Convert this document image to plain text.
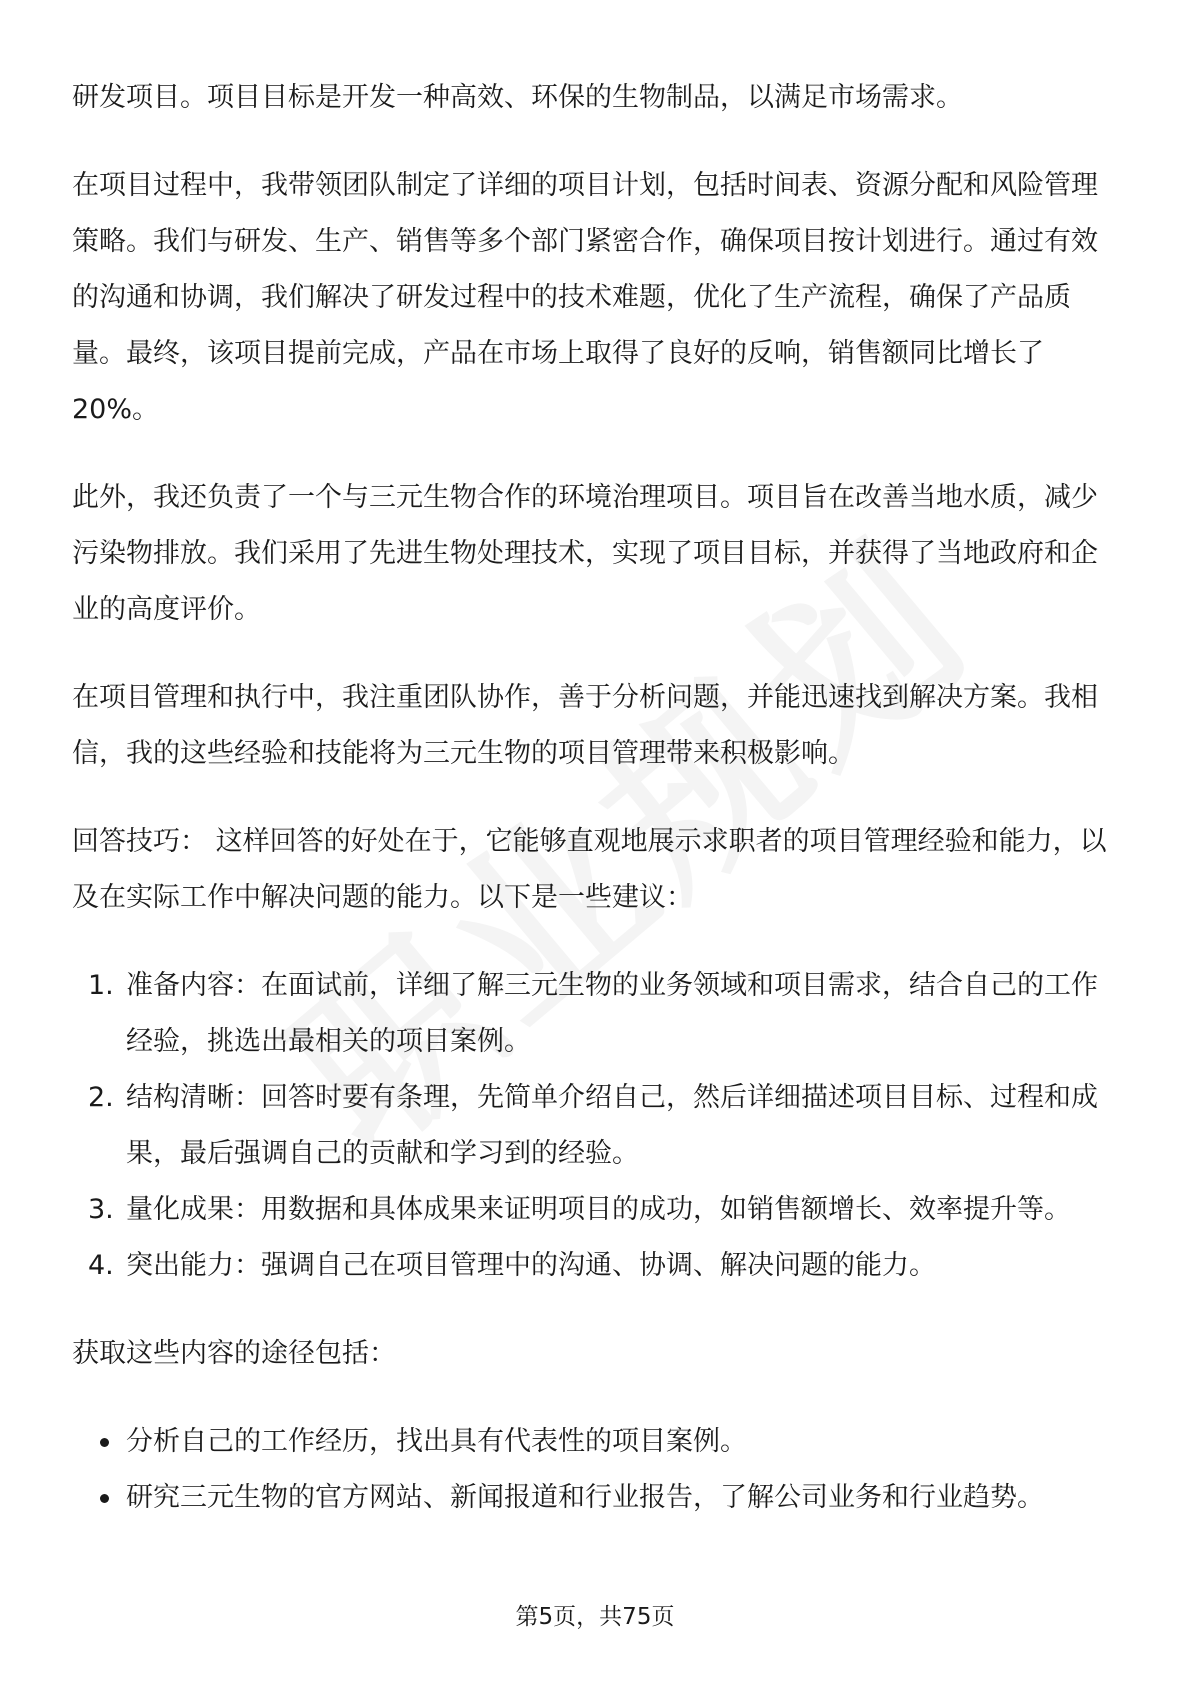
研发项目。项目目标是开发一种高效、环保的生物制品，以满足市场需求。

在项目过程中，我带领团队制定了详细的项目计划，包括时间表、资源分配和风险管理策略。我们与研发、生产、销售等多个部门紧密合作，确保项目按计划进行。通过有效的沟通和协调，我们解决了研发过程中的技术难题，优化了生产流程，确保了产品质量。最终，该项目提前完成，产品在市场上取得了良好的反响，销售额同比增长了20%。

此外，我还负责了一个与三元生物合作的环境治理项目。项目旨在改善当地水质，减少污染物排放。我们采用了先进生物处理技术，实现了项目目标，并获得了当地政府和企业的高度评价。

在项目管理和执行中，我注重团队协作，善于分析问题，并能迅速找到解决方案。我相信，我的这些经验和技能将为三元生物的项目管理带来积极影响。

回答技巧： 这样回答的好处在于，它能够直观地展示求职者的项目管理经验和能力，以及在实际工作中解决问题的能力。以下是一些建议：

1. 准备内容：在面试前，详细了解三元生物的业务领域和项目需求，结合自己的工作经验，挑选出最相关的项目案例。
2. 结构清晰：回答时要有条理，先简单介绍自己，然后详细描述项目目标、过程和成果，最后强调自己的贡献和学习到的经验。
3. 量化成果：用数据和具体成果来证明项目的成功，如销售额增长、效率提升等。
4. 突出能力：强调自己在项目管理中的沟通、协调、解决问题的能力。

获取这些内容的途径包括：

分析自己的工作经历，找出具有代表性的项目案例。
研究三元生物的官方网站、新闻报道和行业报告，了解公司业务和行业趋势。
第5页，共75页
